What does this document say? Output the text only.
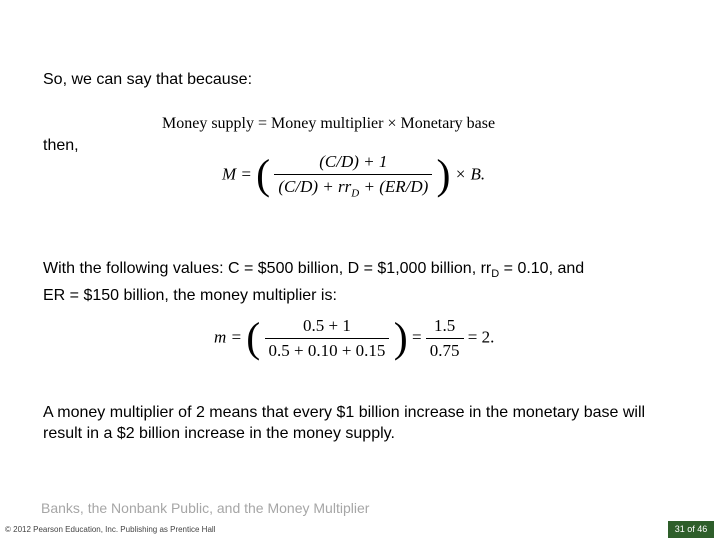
So, we can say that because:
Money supply = Money multiplier × Monetary base
then,
M = ( $\frac{(C/D) + 1}{(C/D) + rr_D + (ER/D)}$ ) × B.
With the following values: C = $500 billion, D = $1,000 billion, $rr_D = 0.10$, and
ER = $150 billion, the money multiplier is:
m = ( $\frac{0.5 + 1}{0.5 + 0.10 + 0.15}$ ) = $\frac{1.5}{0.75} = 2$.
A money multiplier of 2 means that every $1 billion increase in the monetary base will result in a $2 billion increase in the money supply.
Banks, the Nonbank Public, and the Money Multiplier
© 2012 Pearson Education, Inc. Publishing as Prentice Hall	31 of 46
